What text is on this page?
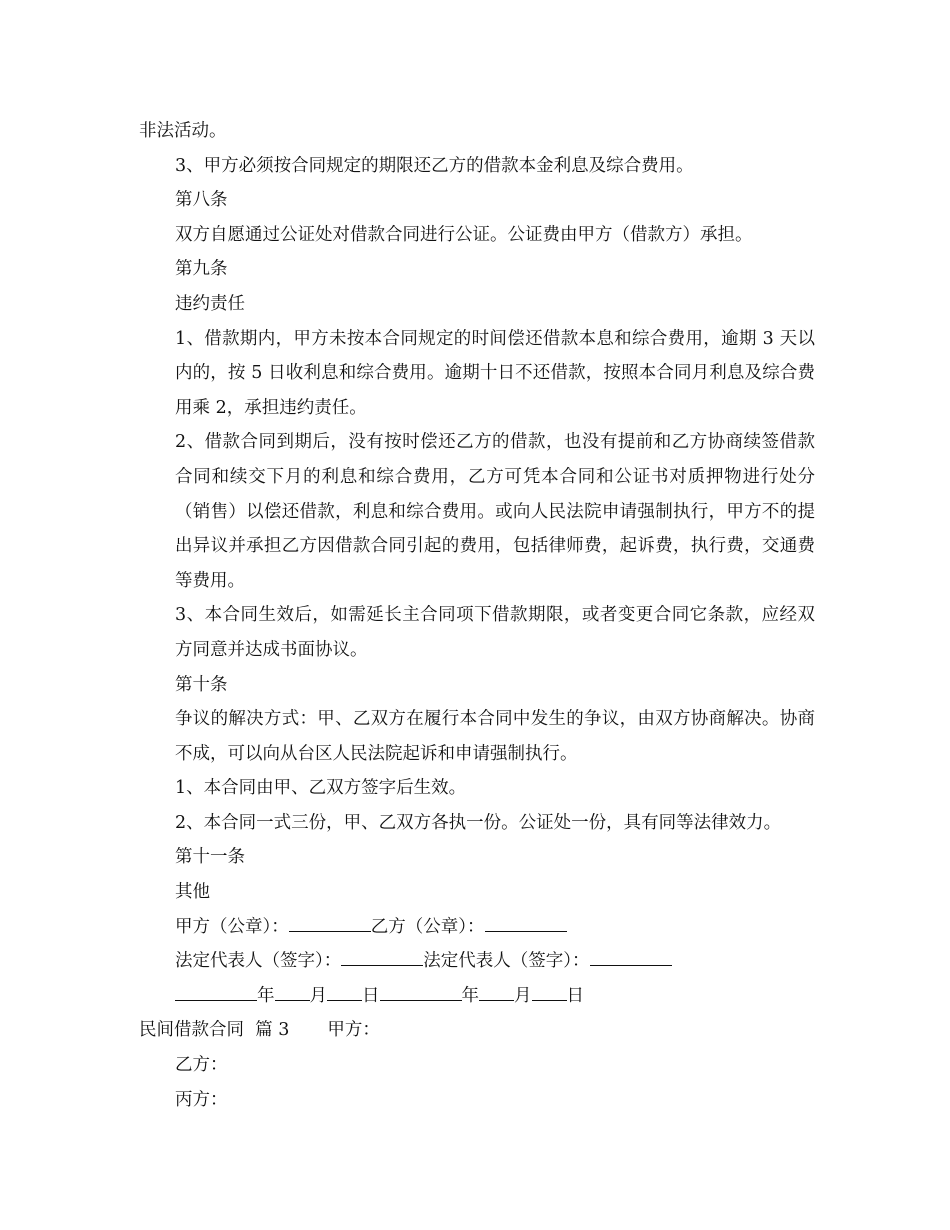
非法活动。

3、甲方必须按合同规定的期限还乙方的借款本金利息及综合费用。

第八条

双方自愿通过公证处对借款合同进行公证。公证费由甲方（借款方）承担。

第九条

违约责任

1、借款期内，甲方未按本合同规定的时间偿还借款本息和综合费用，逾期 3 天以内的，按 5 日收利息和综合费用。逾期十日不还借款，按照本合同月利息及综合费用乘 2，承担违约责任。

2、借款合同到期后，没有按时偿还乙方的借款，也没有提前和乙方协商续签借款合同和续交下月的利息和综合费用，乙方可凭本合同和公证书对质押物进行处分（销售）以偿还借款，利息和综合费用。或向人民法院申请强制执行，甲方不的提出异议并承担乙方因借款合同引起的费用，包括律师费，起诉费，执行费，交通费等费用。

3、本合同生效后，如需延长主合同项下借款期限，或者变更合同它条款，应经双方同意并达成书面协议。

第十条

争议的解决方式：甲、乙双方在履行本合同中发生的争议，由双方协商解决。协商不成，可以向从台区人民法院起诉和申请强制执行。

1、本合同由甲、乙双方签字后生效。

2、本合同一式三份，甲、乙双方各执一份。公证处一份，具有同等法律效力。

第十一条

其他

甲方（公章）：	乙方（公章）：

法定代表人（签字）：	法定代表人（签字）：

年 月 日	年 月 日

民间借款合同  篇 3 甲方：

乙方：

丙方：
